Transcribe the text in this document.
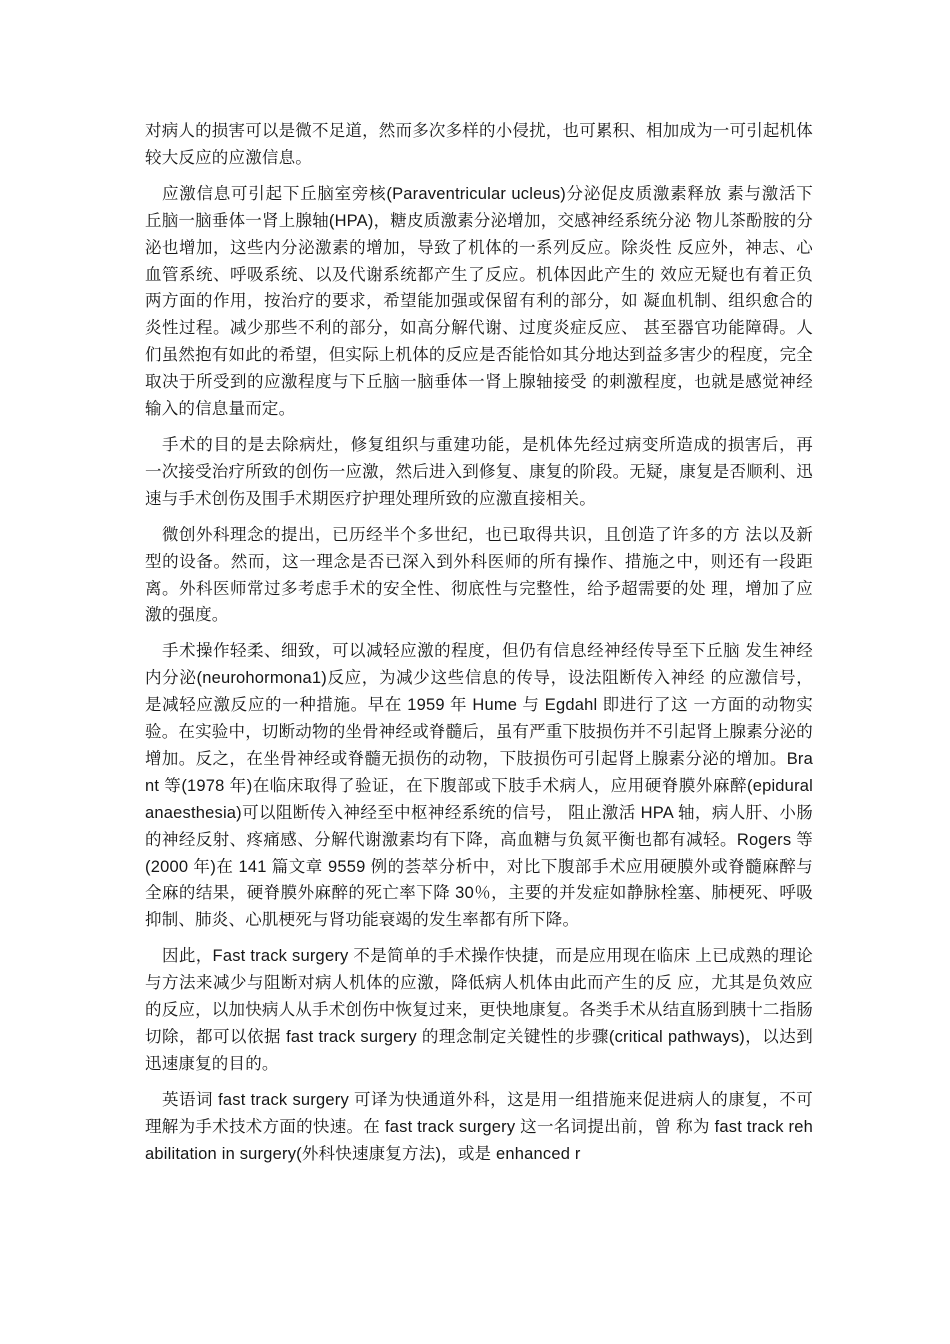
对病人的损害可以是微不足道，然而多次多样的小侵扰，也可累积、相加成为一可引起机体较大反应的应激信息。

应激信息可引起下丘脑室旁核(Paraventricular ucleus)分泌促皮质激素释放 素与激活下丘脑一脑垂体一肾上腺轴(HPA)，糖皮质激素分泌增加，交感神经系统分泌 物儿茶酚胺的分泌也增加，这些内分泌激素的增加，导致了机体的一系列反应。除炎性 反应外，神志、心血管系统、呼吸系统、以及代谢系统都产生了反应。机体因此产生的 效应无疑也有着正负两方面的作用，按治疗的要求，希望能加强或保留有利的部分，如 凝血机制、组织愈合的炎性过程。减少那些不利的部分，如高分解代谢、过度炎症反应、 甚至器官功能障碍。人们虽然抱有如此的希望，但实际上机体的反应是否能恰如其分地达到益多害少的程度，完全取决于所受到的应激程度与下丘脑一脑垂体一肾上腺轴接受 的刺激程度，也就是感觉神经输入的信息量而定。

手术的目的是去除病灶，修复组织与重建功能，是机体先经过病变所造成的损害后，再一次接受治疗所致的创伤一应激，然后进入到修复、康复的阶段。无疑，康复是否顺利、迅速与手术创伤及围手术期医疗护理处理所致的应激直接相关。

微创外科理念的提出，已历经半个多世纪，也已取得共识，且创造了许多的方 法以及新型的设备。然而，这一理念是否已深入到外科医师的所有操作、措施之中，则还有一段距离。外科医师常过多考虑手术的安全性、彻底性与完整性，给予超需要的处 理，增加了应激的强度。

手术操作轻柔、细致，可以减轻应激的程度，但仍有信息经神经传导至下丘脑 发生神经内分泌(neurohormona1)反应，为减少这些信息的传导，设法阻断传入神经 的应激信号，是减轻应激反应的一种措施。早在 1959 年 Hume 与 Egdahl 即进行了这 一方面的动物实验。在实验中，切断动物的坐骨神经或脊髓后，虽有严重下肢损伤并不引起肾上腺素分泌的增加。反之，在坐骨神经或脊髓无损伤的动物，下肢损伤可引起肾上腺素分泌的增加。Brant 等(1978 年)在临床取得了验证，在下腹部或下肢手术病人，应用硬脊膜外麻醉(epidural anaesthesia)可以阻断传入神经至中枢神经系统的信号， 阻止激活 HPA 轴，病人肝、小肠的神经反射、疼痛感、分解代谢激素均有下降，高血糖与负氮平衡也都有减轻。Rogers 等(2000 年)在 141 篇文章 9559 例的荟萃分析中，对比下腹部手术应用硬膜外或脊髓麻醉与全麻的结果，硬脊膜外麻醉的死亡率下降 30％，主要的并发症如静脉栓塞、肺梗死、呼吸抑制、肺炎、心肌梗死与肾功能衰竭的发生率都有所下降。

因此，Fast track surgery 不是简单的手术操作快捷，而是应用现在临床 上已成熟的理论与方法来减少与阻断对病人机体的应激，降低病人机体由此而产生的反 应，尤其是负效应的反应，以加快病人从手术创伤中恢复过来，更快地康复。各类手术从结直肠到胰十二指肠切除，都可以依据 fast track surgery 的理念制定关键性的步骤(critical pathways)，以达到迅速康复的目的。

英语词 fast track surgery 可译为快通道外科，这是用一组措施来促进病人的康复，不可理解为手术技术方面的快速。在 fast track surgery 这一名词提出前，曾 称为 fast track rehabilitation in surgery(外科快速康复方法)，或是 enhanced r
